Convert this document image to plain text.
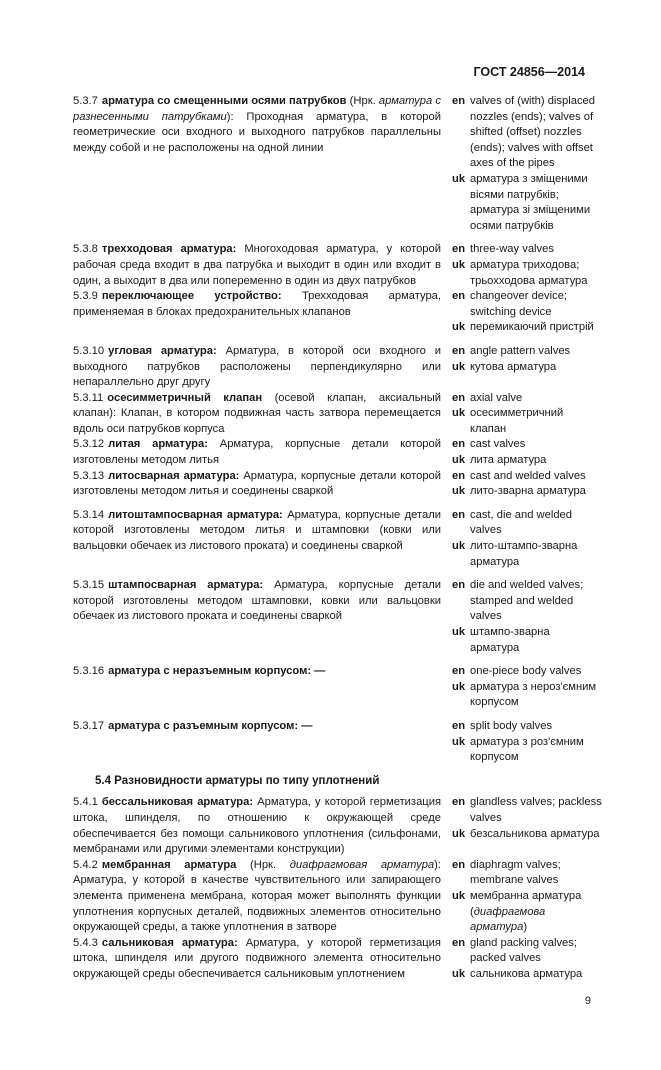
ГОСТ 24856—2014
5.3.7 арматура со смещенными осями патрубков (Нрк. арматура с разнесенными патрубками): Проходная арматура, в которой геометрические оси входного и выходного патрубков параллельны между собой и не расположены на одной линии
en valves of (with) displaced nozzles (ends); valves of shifted (offset) nozzles (ends); valves with offset axes of the pipes
uk арматура з зміщеними вісями патрубків; арматура зі зміщеними осями патрубків
5.3.8 трехходовая арматура: Многоходовая арматура, у которой рабочая среда входит в два патрубка и выходит в один или входит в один, а выходит в два или попеременно в один из двух патрубков
en three-way valves
uk арматура триходова; трьохходова арматура
5.3.9 переключающее устройство: Трехходовая арматура, применяемая в блоках предохранительных клапанов
en changeover device; switching device
uk перемикаючий пристрій
5.3.10 угловая арматура: Арматура, в которой оси входного и выходного патрубков расположены перпендикулярно или непараллельно друг другу
en angle pattern valves
uk кутова арматура
5.3.11 осесимметричный клапан (осевой клапан, аксиальный клапан): Клапан, в котором подвижная часть затвора перемещается вдоль оси патрубков корпуса
en axial valve
uk осесимметричний клапан
5.3.12 литая арматура: Арматура, корпусные детали которой изготовлены методом литья
en cast valves
uk лита арматура
5.3.13 литосварная арматура: Арматура, корпусные детали которой изготовлены методом литья и соединены сваркой
en cast and welded valves
uk лито-зварна арматура
5.3.14 литоштампосварная арматура: Арматура, корпусные детали которой изготовлены методом литья и штамповки (ковки или вальцовки обечаек из листового проката) и соединены сваркой
en cast, die and welded valves
uk лито-штампо-зварна арматура
5.3.15 штампосварная арматура: Арматура, корпусные детали которой изготовлены методом штамповки, ковки или вальцовки обечаек из листового проката и соединены сваркой
en die and welded valves; stamped and welded valves
uk штампо-зварна арматура
5.3.16 арматура с неразъемным корпусом: —	en one-piece body valves
uk арматура з нероз'ємним корпусом
5.3.17 арматура с разъемным корпусом: —	en split body valves
uk арматура з роз'ємним корпусом
5.4 Разновидности арматуры по типу уплотнений
5.4.1 бессальниковая арматура: Арматура, у которой герметизация штока, шпинделя, по отношению к окружающей среде обеспечивается без помощи сальникового уплотнения (сильфонами, мембранами или другими элементами конструкции)
en glandless valves; packless valves
uk безсальникова арматура
5.4.2 мембранная арматура (Нрк. диафрагмовая арматура): Арматура, у которой в качестве чувствительного или запирающего элемента применена мембрана, которая может выполнять функции уплотнения корпусных деталей, подвижных элементов относительно окружающей среды, а также уплотнения в затворе
en diaphragm valves; membrane valves
uk мембранна арматура (диафрагмова арматура)
5.4.3 сальниковая арматура: Арматура, у которой герметизация штока, шпинделя или другого подвижного элемента относительно окружающей среды обеспечивается сальниковым уплотнением
en gland packing valves; packed valves
uk сальникова арматура
9
